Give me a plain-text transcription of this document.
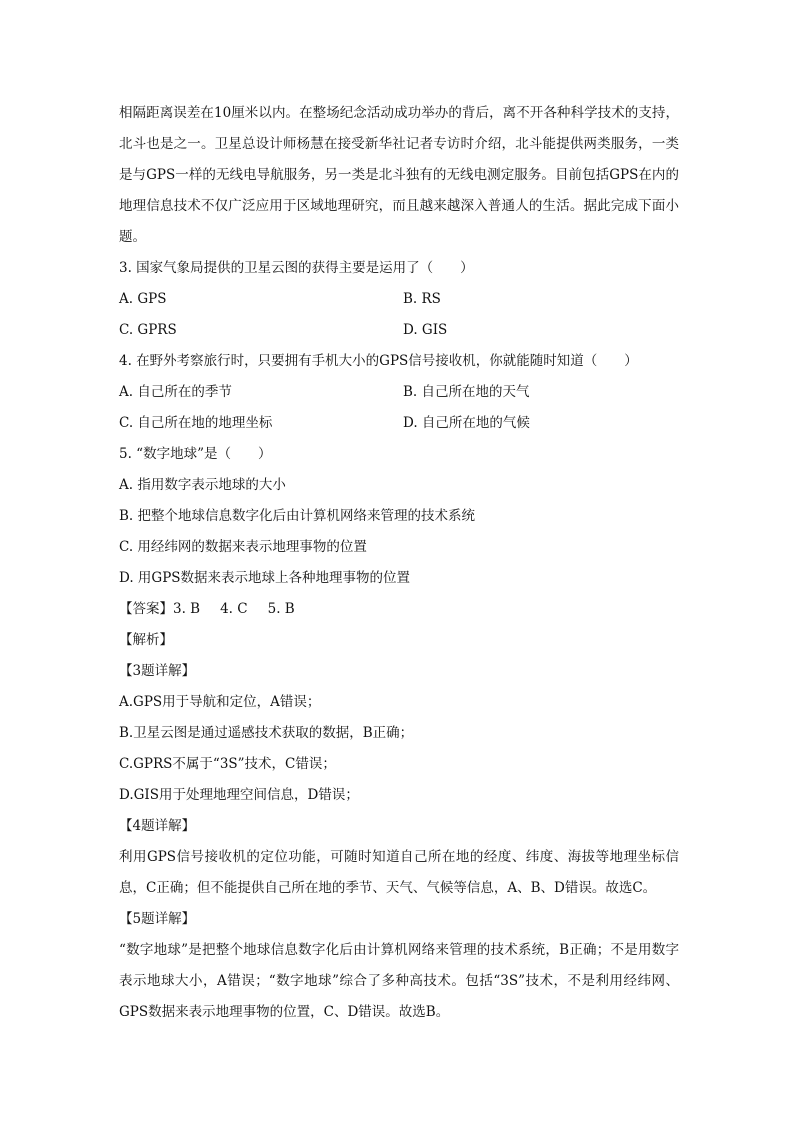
相隔距离误差在10厘米以内。在整场纪念活动成功举办的背后，离不开各种科学技术的支持，北斗也是之一。卫星总设计师杨慧在接受新华社记者专访时介绍，北斗能提供两类服务，一类是与GPS一样的无线电导航服务，另一类是北斗独有的无线电测定服务。目前包括GPS在内的地理信息技术不仅广泛应用于区域地理研究，而且越来越深入普通人的生活。据此完成下面小题。

3. 国家气象局提供的卫星云图的获得主要是运用了（　　）
A. GPS	B. RS
C. GPRS	D. GIS
4. 在野外考察旅行时，只要拥有手机大小的GPS信号接收机，你就能随时知道（　　）
A. 自己所在的季节	B. 自己所在地的天气
C. 自己所在地的地理坐标	D. 自己所在地的气候
5. “数字地球”是（　　）
A. 指用数字表示地球的大小
B. 把整个地球信息数字化后由计算机网络来管理的技术系统
C. 用经纬网的数据来表示地理事物的位置
D. 用GPS数据来表示地球上各种地理事物的位置
【答案】3. B 4. C 5. B
【解析】
【3题详解】
A.GPS用于导航和定位，A错误；
B.卫星云图是通过遥感技术获取的数据，B正确；
C.GPRS不属于“3S”技术，C错误；
D.GIS用于处理地理空间信息，D错误；
【4题详解】

利用GPS信号接收机的定位功能，可随时知道自己所在地的经度、纬度、海拔等地理坐标信息，C正确；但不能提供自己所在地的季节、天气、气候等信息，A、B、D错误。故选C。

【5题详解】

“数字地球”是把整个地球信息数字化后由计算机网络来管理的技术系统，B正确；不是用数字表示地球大小，A错误；“数字地球”综合了多种高技术。包括“3S”技术，不是利用经纬网、GPS数据来表示地理事物的位置，C、D错误。故选B。
